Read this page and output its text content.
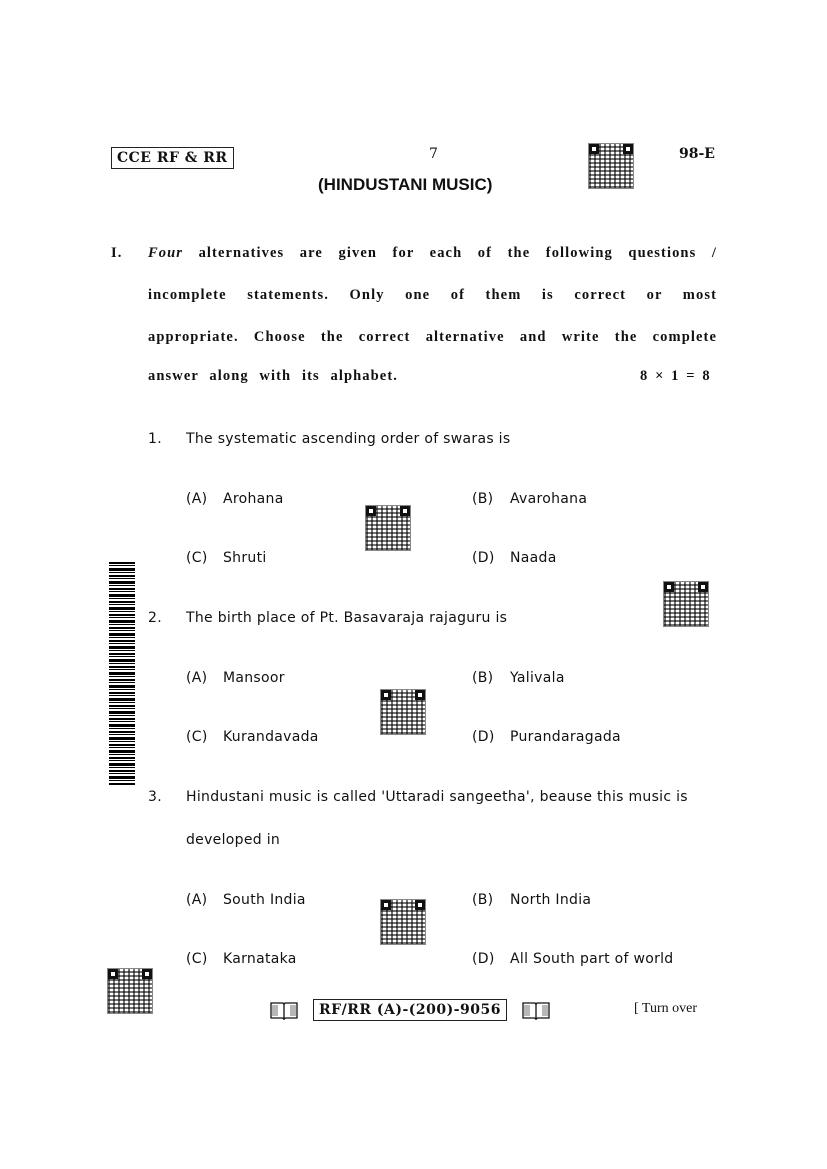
CCE RF & RR	7	98-E
(HINDUSTANI MUSIC)
I. Four alternatives are given for each of the following questions /
incomplete statements. Only one of them is correct or most
appropriate. Choose the correct alternative and write the complete
answer along with its alphabet.	8 × 1 = 8
1. The systematic ascending order of swaras is
(A) Arohana	(B) Avarohana
(C) Shruti	(D) Naada
2. The birth place of Pt. Basavaraja rajaguru is
(A) Mansoor	(B) Yalivala
(C) Kurandavada	(D) Purandaragada
3. Hindustani music is called 'Uttaradi sangeetha', beause this music is
developed in
(A) South India	(B) North India
(C) Karnataka	(D) All South part of world
RF/RR (A)-(200)-9056	[ Turn over
